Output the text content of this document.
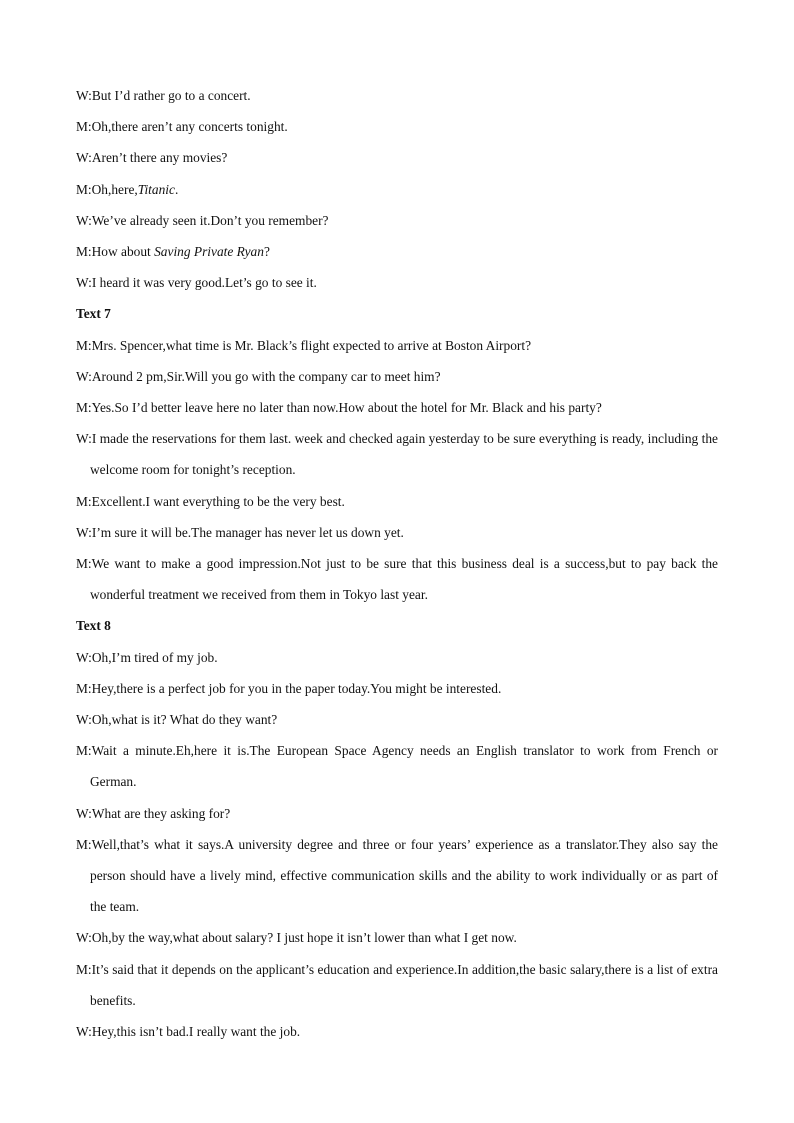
W:But I’d rather go to a concert.

M:Oh,there aren’t any concerts tonight.

W:Aren’t there any movies?

M:Oh,here,Titanic.

W:We’ve already seen it.Don’t you remember?

M:How about Saving Private Ryan?

W:I heard it was very good.Let’s go to see it.

Text 7

M:Mrs. Spencer,what time is Mr. Black’s flight expected to arrive at Boston Airport?

W:Around 2 pm,Sir.Will you go with the company car to meet him?

M:Yes.So I’d better leave here no later than now.How about the hotel for Mr. Black and his party?

W:I made the reservations for them last. week and checked again yesterday to be sure everything is ready, including the welcome room for tonight’s reception.

M:Excellent.I want everything to be the very best.

W:I’m sure it will be.The manager has never let us down yet.

M:We want to make a good impression.Not just to be sure that this business deal is a success,but to pay back the wonderful treatment we received from them in Tokyo last year.

Text 8

W:Oh,I’m tired of my job.

M:Hey,there is a perfect job for you in the paper today.You might be interested.

W:Oh,what is it? What do they want?

M:Wait a minute.Eh,here it is.The European Space Agency needs an English translator to work from French or German.

W:What are they asking for?

M:Well,that’s what it says.A university degree and three or four years’ experience as a translator.They also say the person should have a lively mind, effective communication skills and the ability to work individually or as part of the team.

W:Oh,by the way,what about salary? I just hope it isn’t lower than what I get now.

M:It’s said that it depends on the applicant’s education and experience.In addition,the basic salary,there is a list of extra benefits.

W:Hey,this isn’t bad.I really want the job.
